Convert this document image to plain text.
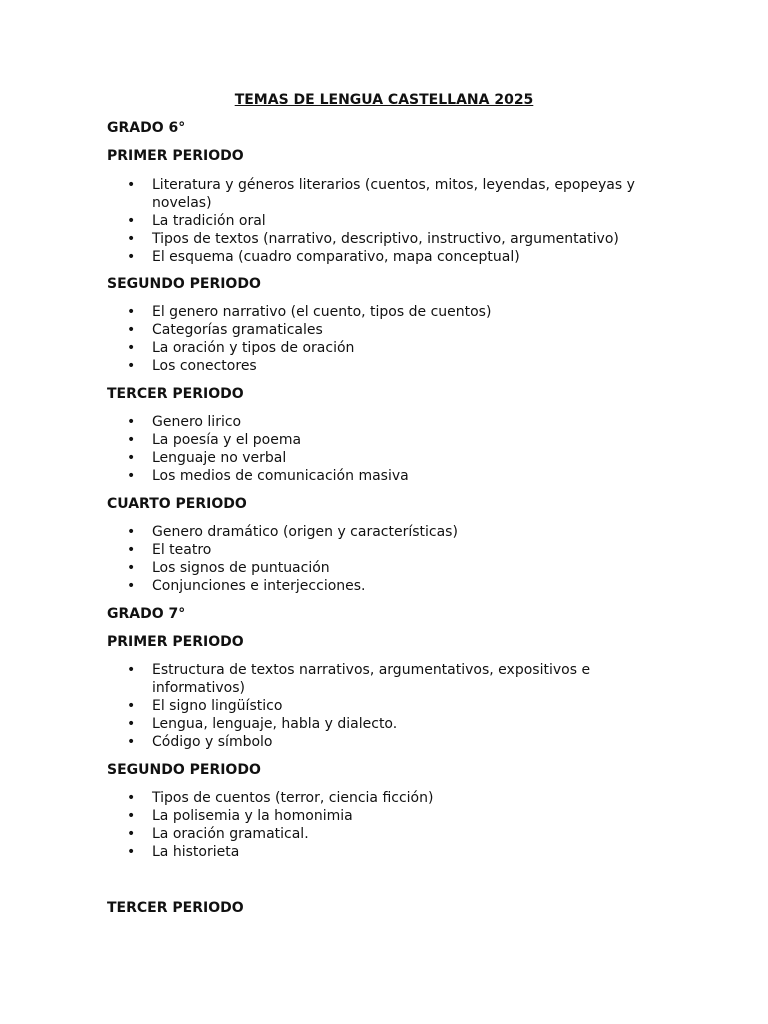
TEMAS DE LENGUA CASTELLANA 2025
GRADO 6°
PRIMER PERIODO
• Literatura y géneros literarios (cuentos, mitos, leyendas, epopeyas y novelas)
• La tradición oral
• Tipos de textos (narrativo, descriptivo, instructivo, argumentativo)
• El esquema (cuadro comparativo, mapa conceptual)
SEGUNDO PERIODO
• El genero narrativo (el cuento, tipos de cuentos)
• Categorías gramaticales
• La oración y tipos de oración
• Los conectores
TERCER PERIODO
• Genero lirico
• La poesía y el poema
• Lenguaje no verbal
• Los medios de comunicación masiva
CUARTO PERIODO
• Genero dramático (origen y características)
• El teatro
• Los signos de puntuación
• Conjunciones e interjecciones.
GRADO 7°
PRIMER PERIODO
• Estructura de textos narrativos, argumentativos, expositivos e informativos)
• El signo lingüístico
• Lengua, lenguaje, habla y dialecto.
• Código y símbolo
SEGUNDO PERIODO
• Tipos de cuentos (terror, ciencia ficción)
• La polisemia y la homonimia
• La oración gramatical.
• La historieta
TERCER PERIODO
